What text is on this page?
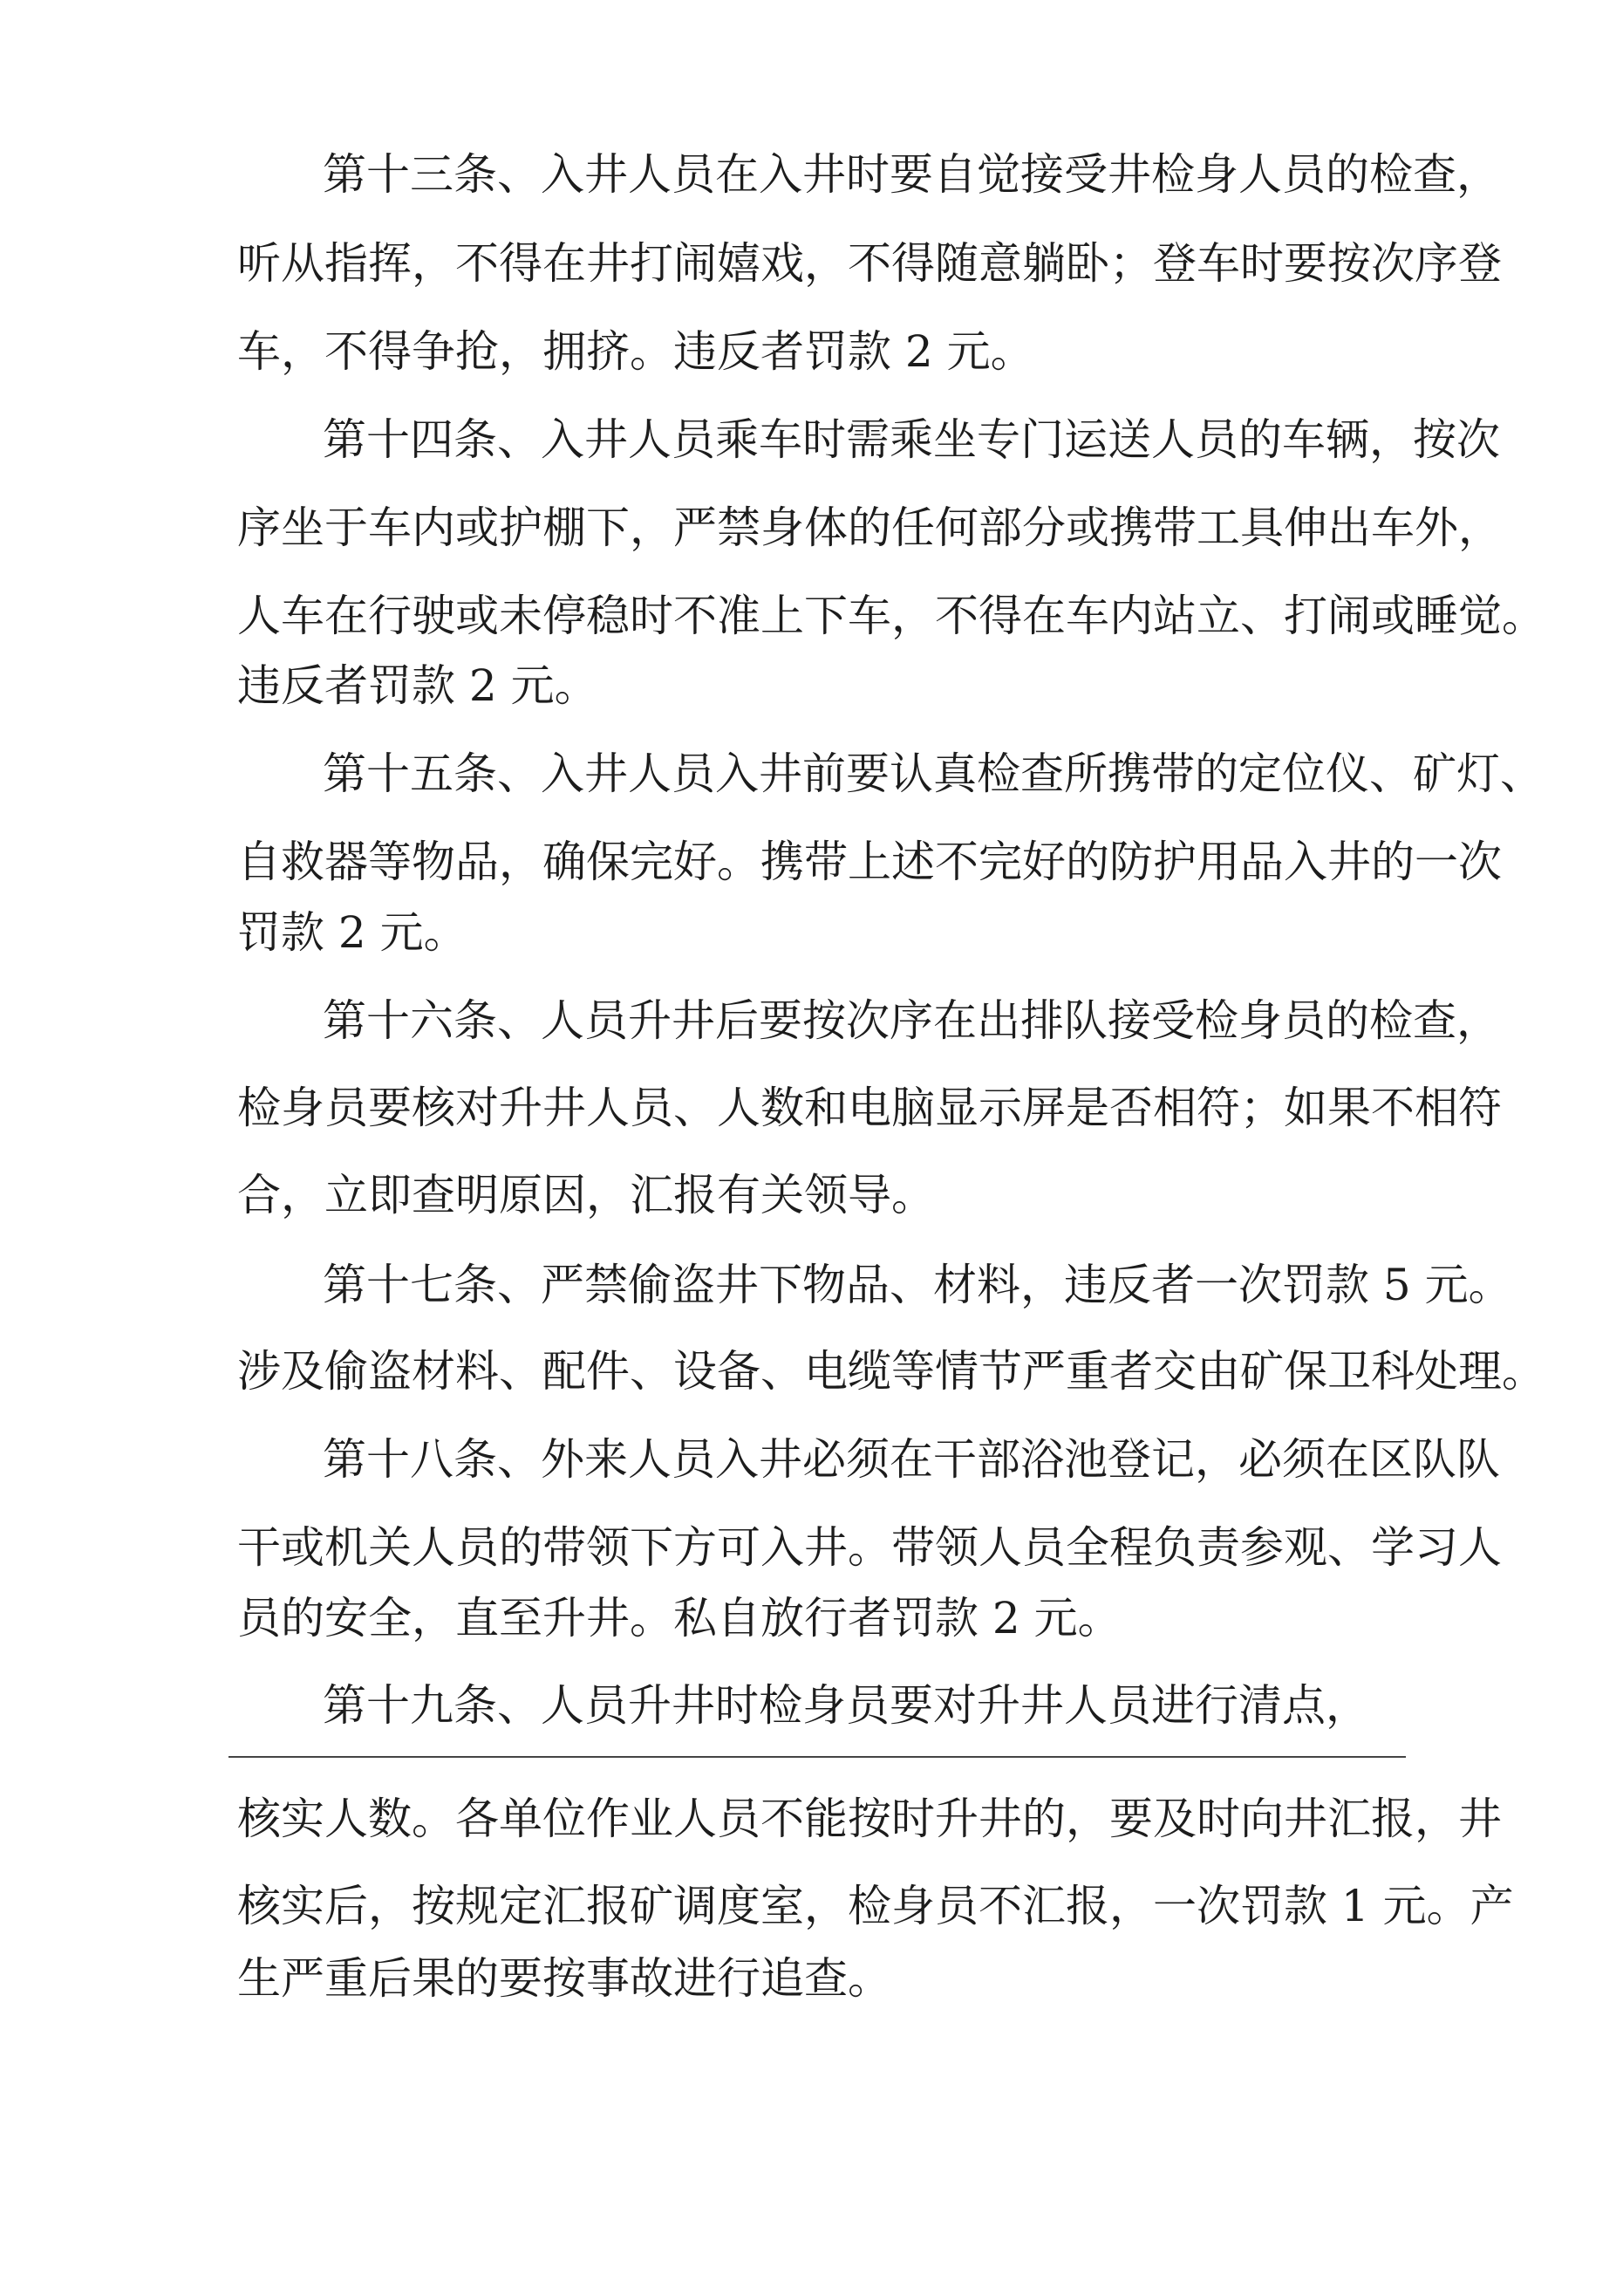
第十三条、入井人员在入井时要自觉接受井检身人员的检查，

听从指挥，不得在井打闹嬉戏，不得随意躺卧；登车时要按次序登

车，不得争抢，拥挤。违反者罚款 2 元。

第十四条、入井人员乘车时需乘坐专门运送人员的车辆，按次

序坐于车内或护棚下，严禁身体的任何部分或携带工具伸出车外，

人车在行驶或未停稳时不准上下车，不得在车内站立、打闹或睡觉。

违反者罚款 2 元。

第十五条、入井人员入井前要认真检查所携带的定位仪、矿灯、

自救器等物品，确保完好。携带上述不完好的防护用品入井的一次

罚款 2 元。

第十六条、人员升井后要按次序在出排队接受检身员的检查，

检身员要核对升井人员、人数和电脑显示屏是否相符；如果不相符

合，立即查明原因，汇报有关领导。

第十七条、严禁偷盗井下物品、材料，违反者一次罚款 5 元。

涉及偷盗材料、配件、设备、电缆等情节严重者交由矿保卫科处理。

第十八条、外来人员入井必须在干部浴池登记，必须在区队队

干或机关人员的带领下方可入井。带领人员全程负责参观、学习人

员的安全，直至升井。私自放行者罚款 2 元。

第十九条、人员升井时检身员要对升井人员进行清点，

核实人数。各单位作业人员不能按时升井的，要及时向井汇报，井

核实后，按规定汇报矿调度室，检身员不汇报，一次罚款 1 元。产

生严重后果的要按事故进行追查。
